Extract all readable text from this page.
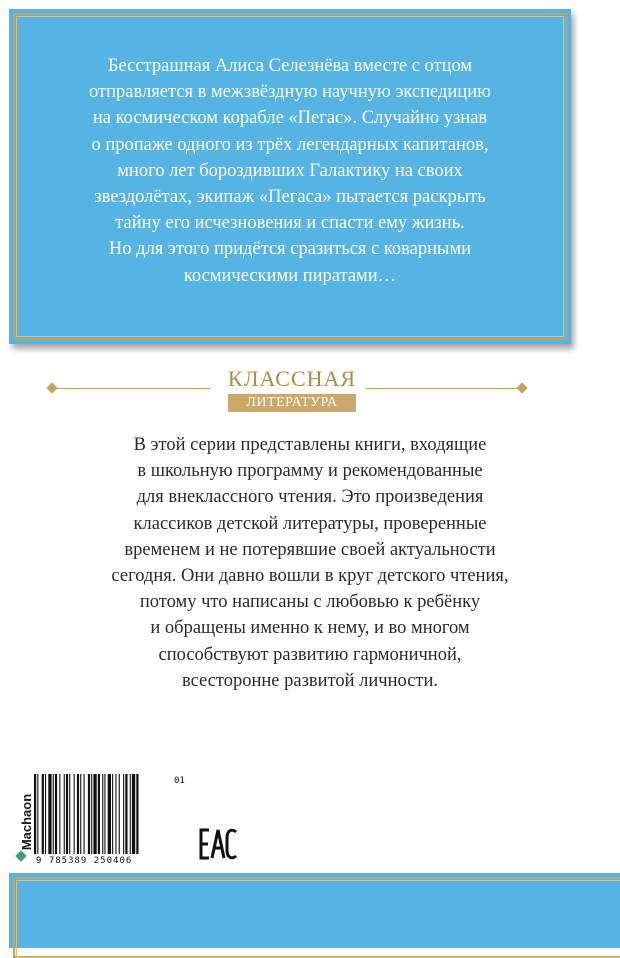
Бесстрашная Алиса Селезнёва вместе с отцом
отправляется в межзвёздную научную экспедицию
на космическом корабле «Пегас». Случайно узнав
о пропаже одного из трёх легендарных капитанов,
много лет бороздивших Галактику на своих
звездолётах, экипаж «Пегаса» пытается раскрыть
тайну его исчезновения и спасти ему жизнь.
Но для этого придётся сразиться с коварными
космическими пиратами…

КЛАССНАЯ
ЛИТЕРАТУРА

В этой серии представлены книги, входящие
в школьную программу и рекомендованные
для внеклассного чтения. Это произведения
классиков детской литературы, проверенные
временем и не потерявшие своей актуальности
сегодня. Они давно вошли в круг детского чтения,
потому что написаны с любовью к ребёнку
и обращены именно к нему, и во многом
способствуют развитию гармоничной,
всесторонне развитой личности.

Machaon
9 785389 250406
01
